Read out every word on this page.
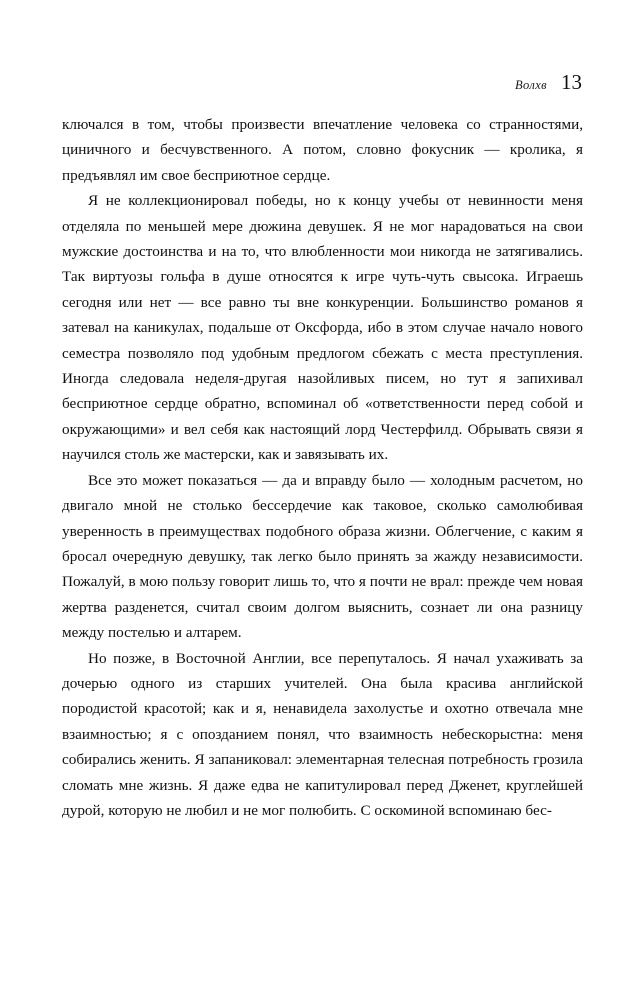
Волхв 13

ключался в том, чтобы произвести впечатление человека со странностями, циничного и бесчувственного. А потом, словно фокусник — кролика, я предъявлял им свое бесприютное сердце.

Я не коллекционировал победы, но к концу учебы от невинности меня отделяла по меньшей мере дюжина девушек. Я не мог нарадоваться на свои мужские достоинства и на то, что влюбленности мои никогда не затягивались. Так виртуозы гольфа в душе относятся к игре чуть-чуть свысока. Играешь сегодня или нет — все равно ты вне конкуренции. Большинство романов я затевал на каникулах, подальше от Оксфорда, ибо в этом случае начало нового семестра позволяло под удобным предлогом сбежать с места преступления. Иногда следовала неделя-другая назойливых писем, но тут я запихивал бесприютное сердце обратно, вспоминал об «ответственности перед собой и окружающими» и вел себя как настоящий лорд Честерфилд. Обрывать связи я научился столь же мастерски, как и завязывать их.

Все это может показаться — да и вправду было — холодным расчетом, но двигало мной не столько бессердечие как таковое, сколько самолюбивая уверенность в преимуществах подобного образа жизни. Облегчение, с каким я бросал очередную девушку, так легко было принять за жажду независимости. Пожалуй, в мою пользу говорит лишь то, что я почти не врал: прежде чем новая жертва разденется, считал своим долгом выяснить, сознает ли она разницу между постелью и алтарем.

Но позже, в Восточной Англии, все перепуталось. Я начал ухаживать за дочерью одного из старших учителей. Она была красива английской породистой красотой; как и я, ненавидела захолустье и охотно отвечала мне взаимностью; я с опозданием понял, что взаимность небескорыстна: меня собирались женить. Я запаниковал: элементарная телесная потребность грозила сломать мне жизнь. Я даже едва не капитулировал перед Дженет, круглейшей дурой, которую не любил и не мог полюбить. С оскоминой вспоминаю бес-
